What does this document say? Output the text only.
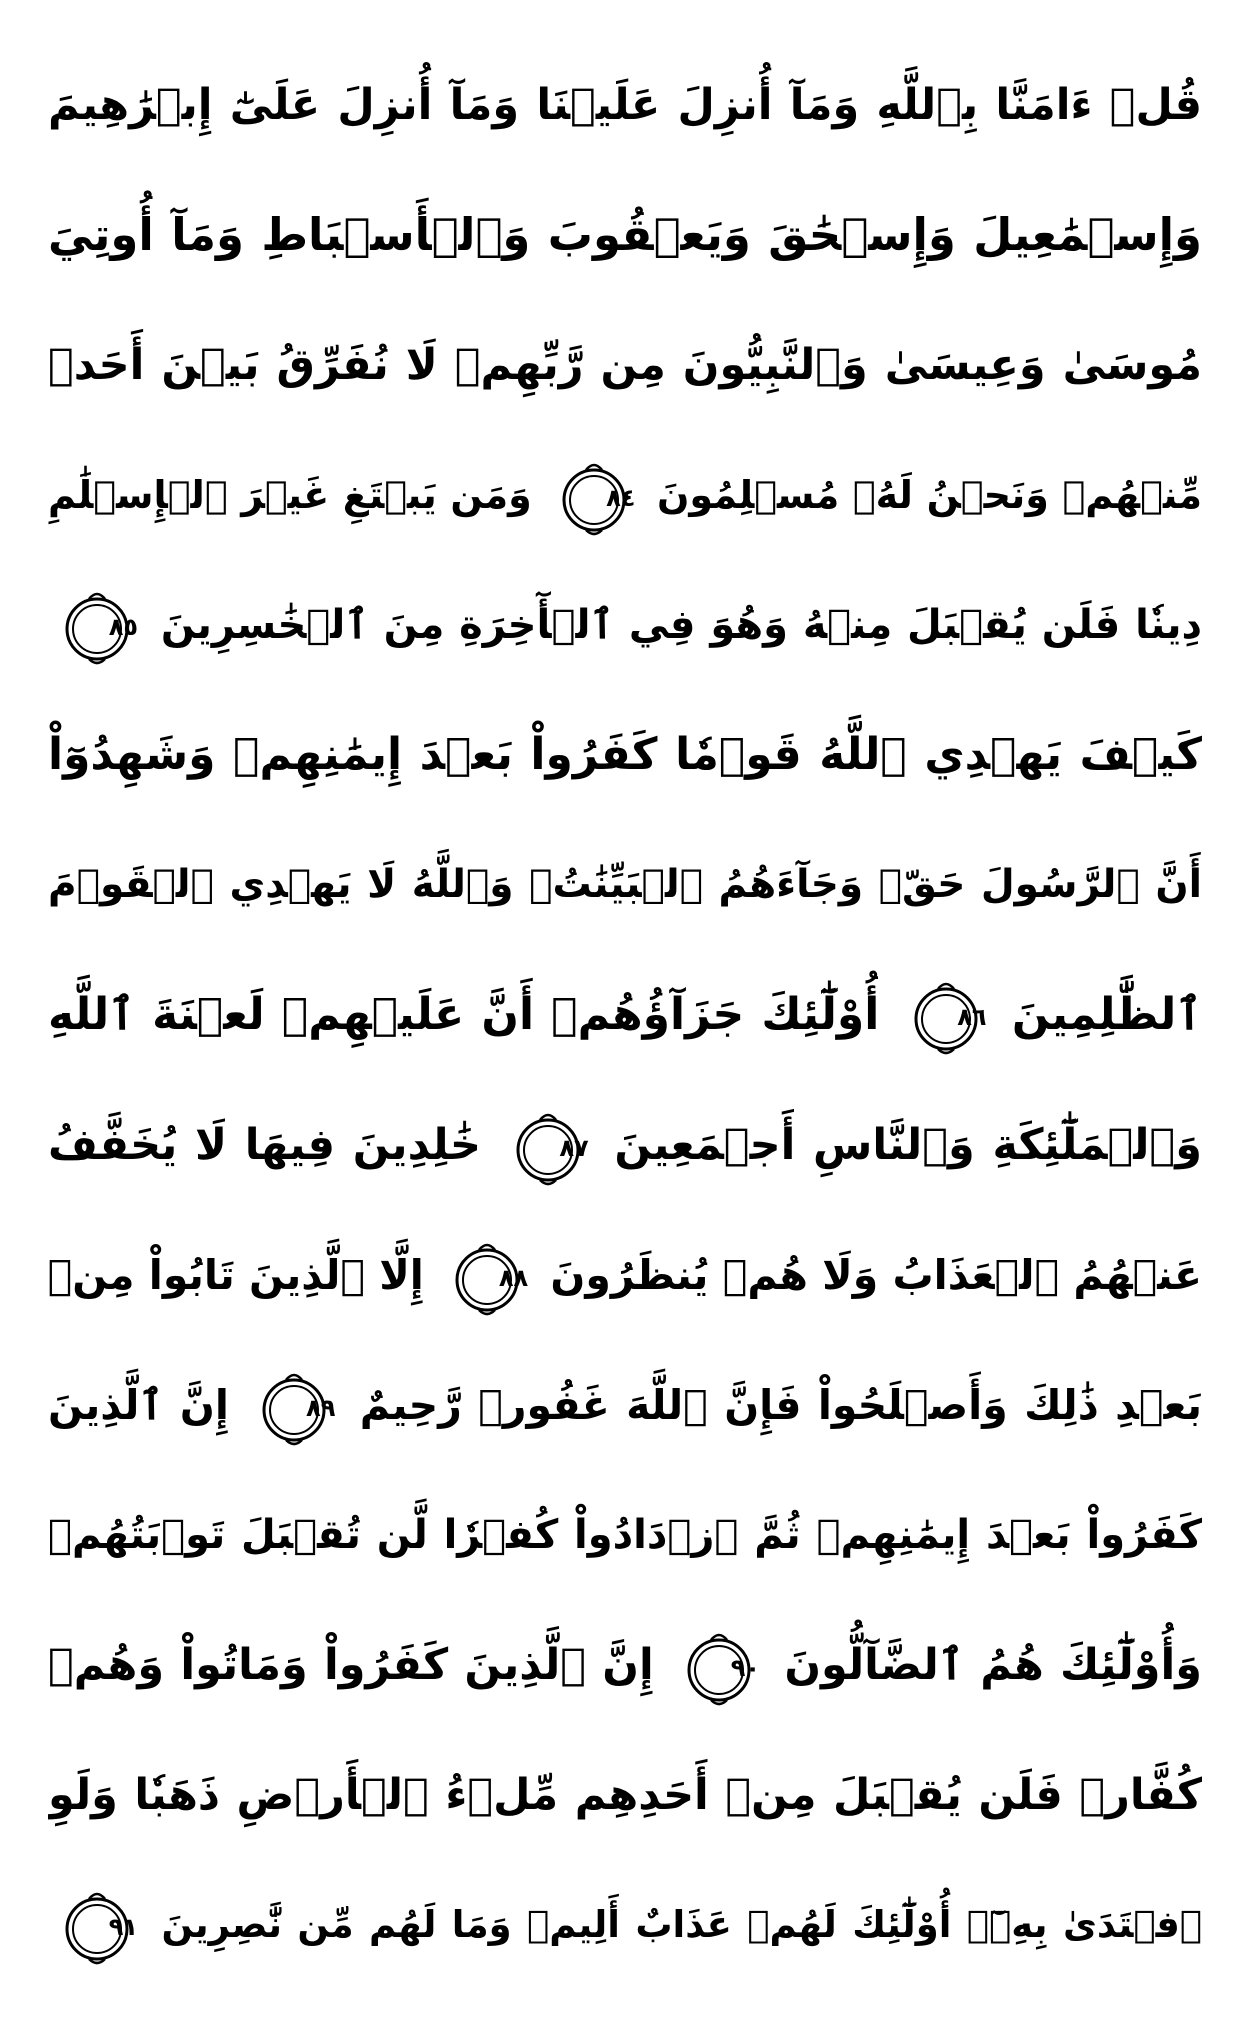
قُلۡ ءَامَنَّا بِٱللَّهِ وَمَآ أُنزِلَ عَلَيۡنَا وَمَآ أُنزِلَ عَلَىٰٓ إِبۡرَٰهِيمَ
وَإِسۡمَٰعِيلَ وَإِسۡحَٰقَ وَيَعۡقُوبَ وَٱلۡأَسۡبَاطِ وَمَآ أُوتِيَ
مُوسَىٰ وَعِيسَىٰ وَٱلنَّبِيُّونَ مِن رَّبِّهِمۡ لَا نُفَرِّقُ بَيۡنَ أَحَدٖ
مِّنۡهُمۡ وَنَحۡنُ لَهُۥ مُسۡلِمُونَ
٨٤
وَمَن يَبۡتَغِ غَيۡرَ ٱلۡإِسۡلَٰمِ
دِينٗا فَلَن يُقۡبَلَ مِنۡهُ وَهُوَ فِي ٱلۡأٓخِرَةِ مِنَ ٱلۡخَٰسِرِينَ
٨٥
كَيۡفَ يَهۡدِي ٱللَّهُ قَوۡمٗا كَفَرُواْ بَعۡدَ إِيمَٰنِهِمۡ وَشَهِدُوٓاْ
أَنَّ ٱلرَّسُولَ حَقّٞ وَجَآءَهُمُ ٱلۡبَيِّنَٰتُۚ وَٱللَّهُ لَا يَهۡدِي ٱلۡقَوۡمَ
ٱلظَّٰلِمِينَ
٨٦
أُوْلَٰٓئِكَ جَزَآؤُهُمۡ أَنَّ عَلَيۡهِمۡ لَعۡنَةَ ٱللَّهِ
وَٱلۡمَلَٰٓئِكَةِ وَٱلنَّاسِ أَجۡمَعِينَ
٨٧
خَٰلِدِينَ فِيهَا لَا يُخَفَّفُ
عَنۡهُمُ ٱلۡعَذَابُ وَلَا هُمۡ يُنظَرُونَ
٨٨
إِلَّا ٱلَّذِينَ تَابُواْ مِنۢ
بَعۡدِ ذَٰلِكَ وَأَصۡلَحُواْ فَإِنَّ ٱللَّهَ غَفُورٞ رَّحِيمٌ
٨٩
إِنَّ ٱلَّذِينَ
كَفَرُواْ بَعۡدَ إِيمَٰنِهِمۡ ثُمَّ ٱزۡدَادُواْ كُفۡرٗا لَّن تُقۡبَلَ تَوۡبَتُهُمۡ
وَأُوْلَٰٓئِكَ هُمُ ٱلضَّآلُّونَ
٩٠
إِنَّ ٱلَّذِينَ كَفَرُواْ وَمَاتُواْ وَهُمۡ
كُفَّارٞ فَلَن يُقۡبَلَ مِنۡ أَحَدِهِم مِّلۡءُ ٱلۡأَرۡضِ ذَهَبٗا وَلَوِ
ٱفۡتَدَىٰ بِهِۦٓۗ أُوْلَٰٓئِكَ لَهُمۡ عَذَابٌ أَلِيمٞ وَمَا لَهُم مِّن نَّٰصِرِينَ
٩١
